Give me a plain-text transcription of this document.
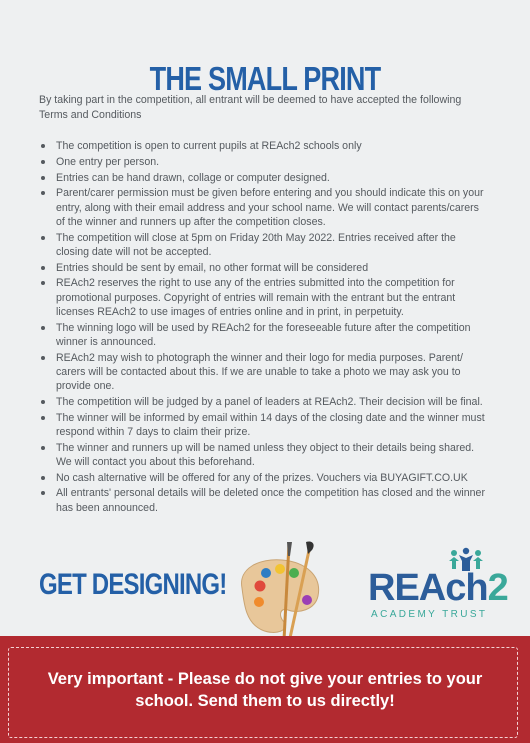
THE SMALL PRINT

By taking part in the competition, all entrant will be deemed to have accepted the following Terms and Conditions

The competition is open to current pupils at REAch2 schools only
One entry per person.
Entries can be hand drawn, collage or computer designed.
Parent/carer permission must be given before entering and you should indicate this on your entry, along with their email address and your school name. We will contact parents/carers of the winner and runners up after the competition closes.
The competition will close at 5pm on Friday 20th May 2022. Entries received after the closing date will not be accepted.
Entries should be sent by email, no other format will be considered
REAch2 reserves the right to use any of the entries submitted into the competition for promotional purposes. Copyright of entries will remain with the entrant but the entrant licenses REAch2 to use images of entries online and in print, in perpetuity.
The winning logo will be used by REAch2 for the foreseeable future after the competition winner is announced.
REAch2 may wish to photograph the winner and their logo for media purposes. Parent/ carers will be contacted about this. If we are unable to take a photo we may ask you to provide one.
The competition will be judged by a panel of leaders at REAch2. Their decision will be final.
The winner will be informed by email within 14 days of the closing date and the winner must respond within 7 days to claim their prize.
The winner and runners up will be named unless they object to their details being shared. We will contact you about this beforehand.
No cash alternative will be offered for any of the prizes. Vouchers via BUYAGIFT.CO.UK
All entrants' personal details will be deleted once the competition has closed and the winner has been announced.
GET DESIGNING!	REAch2
ACADEMY TRUST

Very important - Please do not give your entries to your school. Send them to us directly!
